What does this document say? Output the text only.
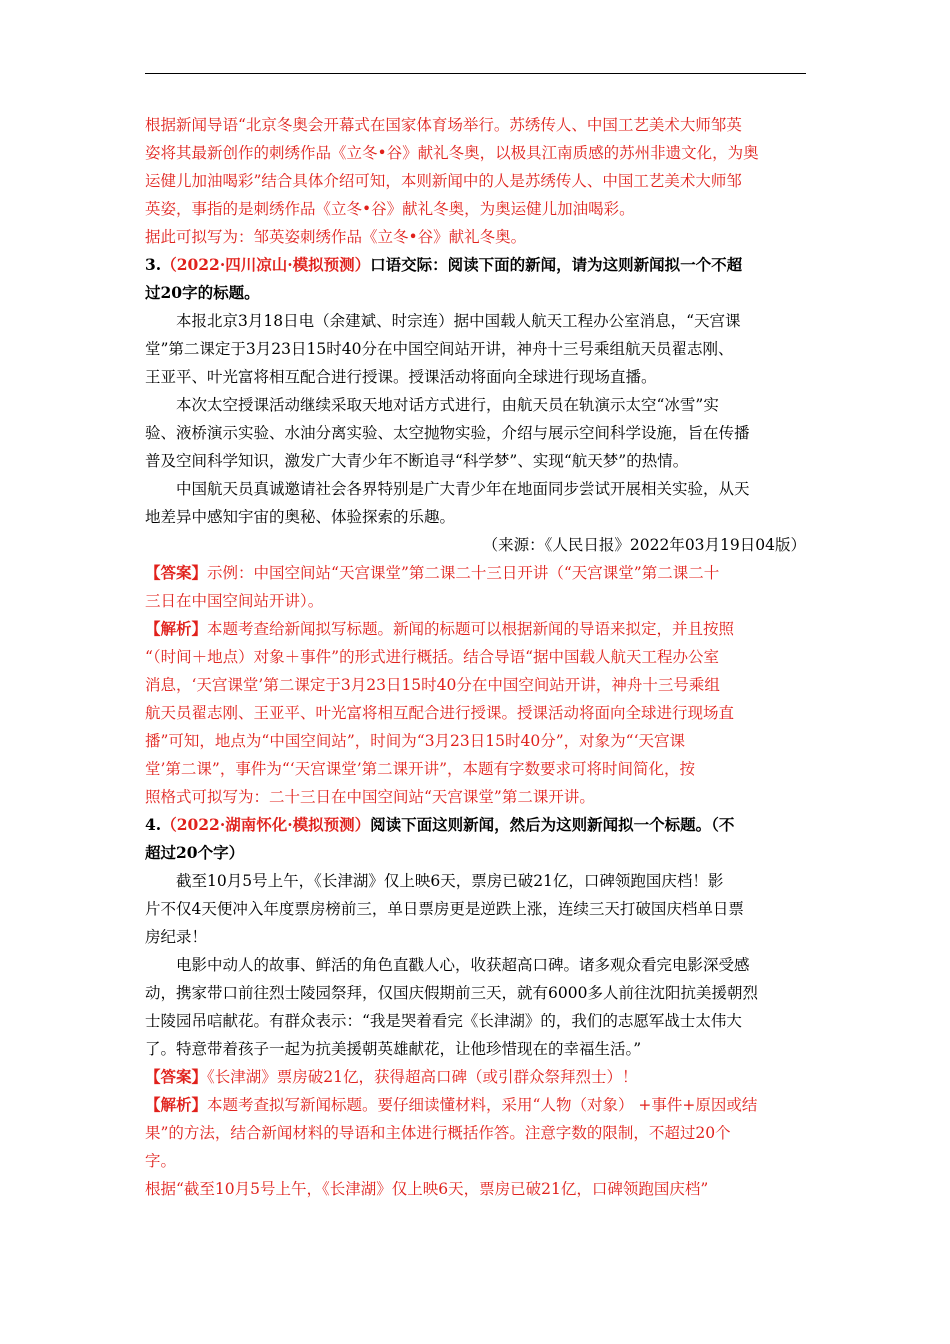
根据新闻导语“北京冬奥会开幕式在国家体育场举行。苏绣传人、中国工艺美术大师邹英
姿将其最新创作的刺绣作品《立冬•谷》献礼冬奥，以极具江南质感的苏州非遗文化，为奥
运健儿加油喝彩”结合具体介绍可知，本则新闻中的人是苏绣传人、中国工艺美术大师邹
英姿，事指的是刺绣作品《立冬•谷》献礼冬奥，为奥运健儿加油喝彩。
据此可拟写为：邹英姿刺绣作品《立冬•谷》献礼冬奥。
3.（2022·四川凉山·模拟预测）口语交际：阅读下面的新闻，请为这则新闻拟一个不超
过20字的标题。
本报北京3月18日电（余建斌、时宗连）据中国载人航天工程办公室消息，“天宫课
堂”第二课定于3月23日15时40分在中国空间站开讲，神舟十三号乘组航天员翟志刚、
王亚平、叶光富将相互配合进行授课。授课活动将面向全球进行现场直播。
本次太空授课活动继续采取天地对话方式进行，由航天员在轨演示太空“冰雪”实
验、液桥演示实验、水油分离实验、太空抛物实验，介绍与展示空间科学设施，旨在传播
普及空间科学知识，激发广大青少年不断追寻“科学梦”、实现“航天梦”的热情。
中国航天员真诚邀请社会各界特别是广大青少年在地面同步尝试开展相关实验，从天
地差异中感知宇宙的奥秘、体验探索的乐趣。
（来源：《人民日报》2022年03月19日04版）
【答案】示例：中国空间站“天宫课堂”第二课二十三日开讲（“天宫课堂”第二课二十
三日在中国空间站开讲）。
【解析】本题考查给新闻拟写标题。新闻的标题可以根据新闻的导语来拟定，并且按照
“（时间＋地点）对象＋事件”的形式进行概括。结合导语“据中国载人航天工程办公室
消息，‘天宫课堂’第二课定于3月23日15时40分在中国空间站开讲，神舟十三号乘组
航天员翟志刚、王亚平、叶光富将相互配合进行授课。授课活动将面向全球进行现场直
播”可知，地点为“中国空间站”，时间为“3月23日15时40分”，对象为“‘天宫课
堂’第二课”，事件为“‘天宫课堂’第二课开讲”，本题有字数要求可将时间简化，按
照格式可拟写为：二十三日在中国空间站“天宫课堂”第二课开讲。
4.（2022·湖南怀化·模拟预测）阅读下面这则新闻，然后为这则新闻拟一个标题。（不
超过20个字）
截至10月5号上午，《长津湖》仅上映6天，票房已破21亿，口碑领跑国庆档！影
片不仅4天便冲入年度票房榜前三，单日票房更是逆跌上涨，连续三天打破国庆档单日票
房纪录！
电影中动人的故事、鲜活的角色直戳人心，收获超高口碑。诸多观众看完电影深受感
动，携家带口前往烈士陵园祭拜，仅国庆假期前三天，就有6000多人前往沈阳抗美援朝烈
士陵园吊唁献花。有群众表示：“我是哭着看完《长津湖》的，我们的志愿军战士太伟大
了。特意带着孩子一起为抗美援朝英雄献花，让他珍惜现在的幸福生活。”
【答案】《长津湖》票房破21亿，获得超高口碑（或引群众祭拜烈士）！
【解析】本题考查拟写新闻标题。要仔细读懂材料，采用“人物（对象） +事件+原因或结
果”的方法，结合新闻材料的导语和主体进行概括作答。注意字数的限制，不超过20个
字。
根据“截至10月5号上午，《长津湖》仅上映6天，票房已破21亿，口碑领跑国庆档”
